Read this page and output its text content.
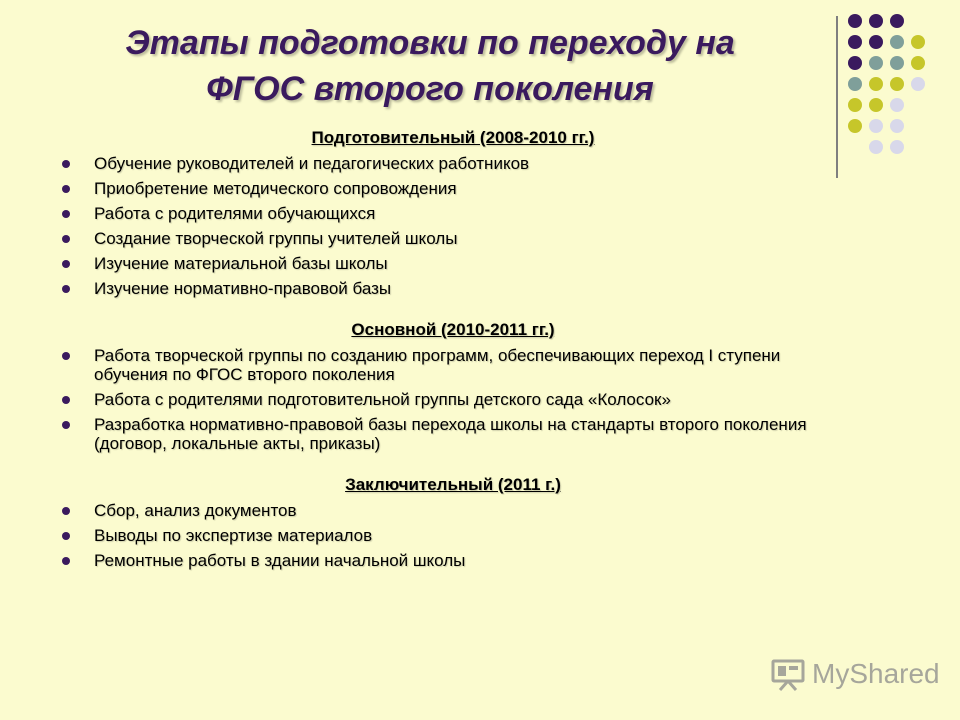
Этапы подготовки по переходу на
ФГОС второго поколения
Подготовительный (2008-2010 гг.)
Обучение руководителей и педагогических работников
Приобретение методического сопровождения
Работа с родителями обучающихся
Создание творческой группы учителей школы
Изучение материальной базы школы
Изучение нормативно-правовой базы
Основной (2010-2011 гг.)
Работа творческой группы по созданию программ, обеспечивающих переход I ступени обучения по ФГОС второго поколения
Работа с родителями подготовительной группы детского сада «Колосок»
Разработка нормативно-правовой базы перехода школы на стандарты второго поколения (договор, локальные акты, приказы)
Заключительный (2011 г.)
Сбор, анализ документов
Выводы по экспертизе материалов
Ремонтные работы в здании начальной школы
MyShared
